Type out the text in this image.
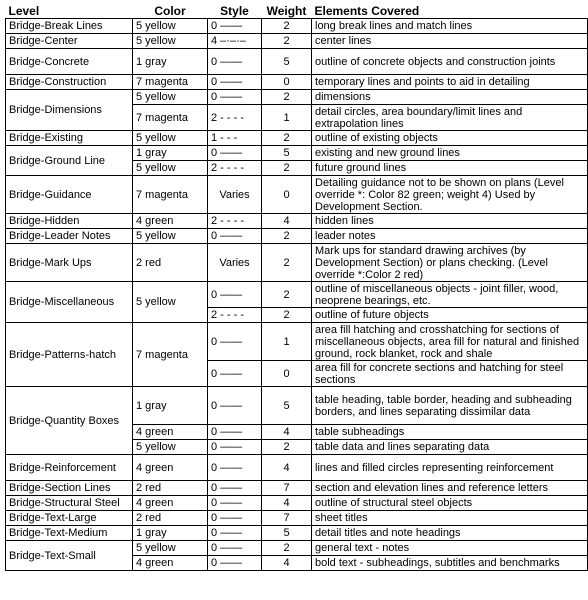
Level	Color	Style	Weight	Elements Covered
Bridge-Break Lines	5 yellow	0 ——	2	long break lines and match lines
Bridge-Center	5 yellow	4 –·–·–	2	center lines
Bridge-Concrete	1 gray	0 ——	5	outline of concrete objects and construction joints
Bridge-Construction	7 magenta	0 ——	0	temporary lines and points to aid in detailing
Bridge-Dimensions	5 yellow	0 ——	2	dimensions
	7 magenta	2 - - - -	1	detail circles, area boundary/limit lines and extrapolation lines
Bridge-Existing	5 yellow	1 - - -	2	outline of existing objects
Bridge-Ground Line	1 gray	0 ——	5	existing and new ground lines
	5 yellow	2 - - - -	2	future ground lines
Bridge-Guidance	7 magenta	Varies	0	Detailing guidance not to be shown on plans (Level override *: Color 82 green; weight 4) Used by Development Section.
Bridge-Hidden	4 green	2 - - - -	4	hidden lines
Bridge-Leader Notes	5 yellow	0 ——	2	leader notes
Bridge-Mark Ups	2 red	Varies	2	Mark ups for standard drawing archives (by Development Section) or plans checking. (Level override *:Color 2 red)
Bridge-Miscellaneous	5 yellow	0 ——	2	outline of miscellaneous objects - joint filler, wood, neoprene bearings, etc.
		2 - - - -	2	outline of future objects
Bridge-Patterns-hatch	7 magenta	0 ——	1	area fill hatching and crosshatching for sections of miscellaneous objects, area fill for natural and finished ground, rock blanket, rock and shale
		0 ——	0	area fill for concrete sections and hatching for steel sections
Bridge-Quantity Boxes	1 gray	0 ——	5	table heading, table border, heading and subheading borders, and lines separating dissimilar data
	4 green	0 ——	4	table subheadings
	5 yellow	0 ——	2	table data and lines separating data
Bridge-Reinforcement	4 green	0 ——	4	lines and filled circles representing reinforcement
Bridge-Section Lines	2 red	0 ——	7	section and elevation lines and reference letters
Bridge-Structural Steel	4 green	0 ——	4	outline of structural steel objects
Bridge-Text-Large	2 red	0 ——	7	sheet titles
Bridge-Text-Medium	1 gray	0 ——	5	detail titles and note headings
Bridge-Text-Small	5 yellow	0 ——	2	general text - notes
	4 green	0 ——	4	bold text - subheadings, subtitles and benchmarks
